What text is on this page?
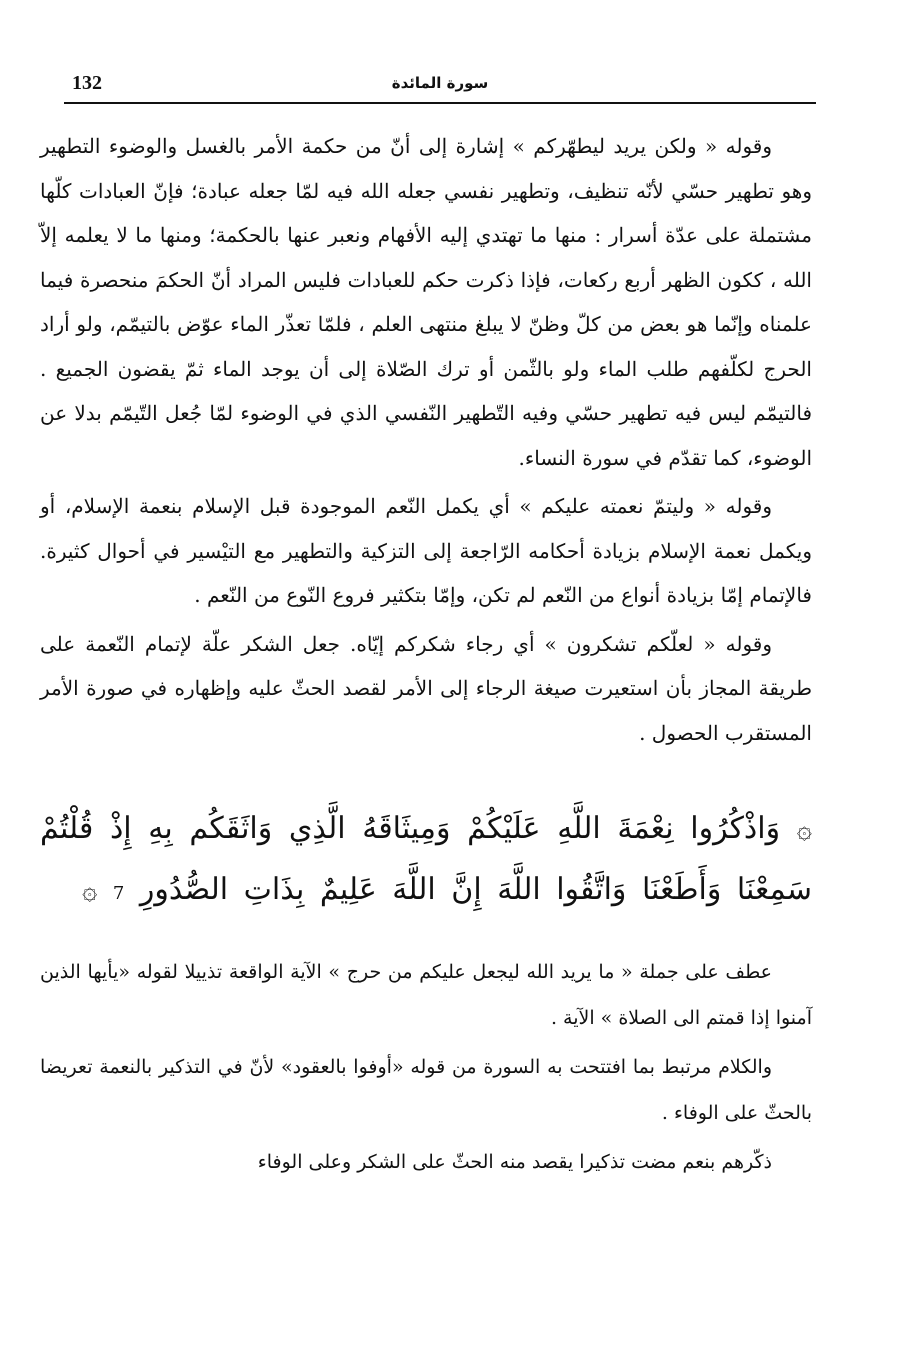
132	سورة المائدة

وقوله « ولكن يريد ليطهّركم » إشارة إلى أنّ من حكمة الأمر بالغسل والوضوء التطهير وهو تطهير حسّي لأنّه تنظيف، وتطهير نفسي جعله الله فيه لمّا جعله عبادة؛ فإنّ العبادات كلّها مشتملة على عدّة أسرار : منها ما تهتدي إليه الأفهام ونعبر عنها بالحكمة؛ ومنها ما لا يعلمه إلاّ الله ، ككون الظهر أربع ركعات، فإذا ذكرت حكم للعبادات فليس المراد أنّ الحكمَ منحصرة فيما علمناه وإنّما هو بعض من كلّ وظنّ لا يبلغ منتهى العلم ، فلمّا تعذّر الماء عوّض بالتيمّم، ولو أراد الحرج لكلّفهم طلب الماء ولو بالثّمن أو ترك الصّلاة إلى أن يوجد الماء ثمّ يقضون الجميع . فالتيمّم ليس فيه تطهير حسّي وفيه التّطهير النّفسي الذي في الوضوء لمّا جُعل التّيمّم بدلا عن الوضوء، كما تقدّم في سورة النساء.

وقوله « وليتمّ نعمته عليكم » أي يكمل النّعم الموجودة قبل الإسلام بنعمة الإسلام، أو ويكمل نعمة الإسلام بزيادة أحكامه الرّاجعة إلى التزكية والتطهير مع التيْسير في أحوال كثيرة. فالإتمام إمّا بزيادة أنواع من النّعم لم تكن، وإمّا بتكثير فروع النّوع من النّعم .

وقوله « لعلّكم تشكرون » أي رجاء شكركم إيّاه. جعل الشكر علّة لإتمام النّعمة على طريقة المجاز بأن استعيرت صيغة الرجاء إلى الأمر لقصد الحثّ عليه وإظهاره في صورة الأمر المستقرب الحصول .

۞ وَاذْكُرُوا نِعْمَةَ اللَّهِ عَلَيْكُمْ وَمِيثَاقَهُ الَّذِي وَاثَقَكُم بِهِ إِذْ قُلْتُمْ سَمِعْنَا وَأَطَعْنَا وَاتَّقُوا اللَّهَ إِنَّ اللَّهَ عَلِيمٌ بِذَاتِ الصُّدُورِ 7 ۞

عطف على جملة « ما يريد الله ليجعل عليكم من حرج » الآية الواقعة تذييلا لقوله «يأيها الذين آمنوا إذا قمتم الى الصلاة » الآية .

والكلام مرتبط بما افتتحت به السورة من قوله «أوفوا بالعقود» لأنّ في التذكير بالنعمة تعريضا بالحثّ على الوفاء .

ذكّرهم بنعم مضت تذكيرا يقصد منه الحثّ على الشكر وعلى الوفاء
